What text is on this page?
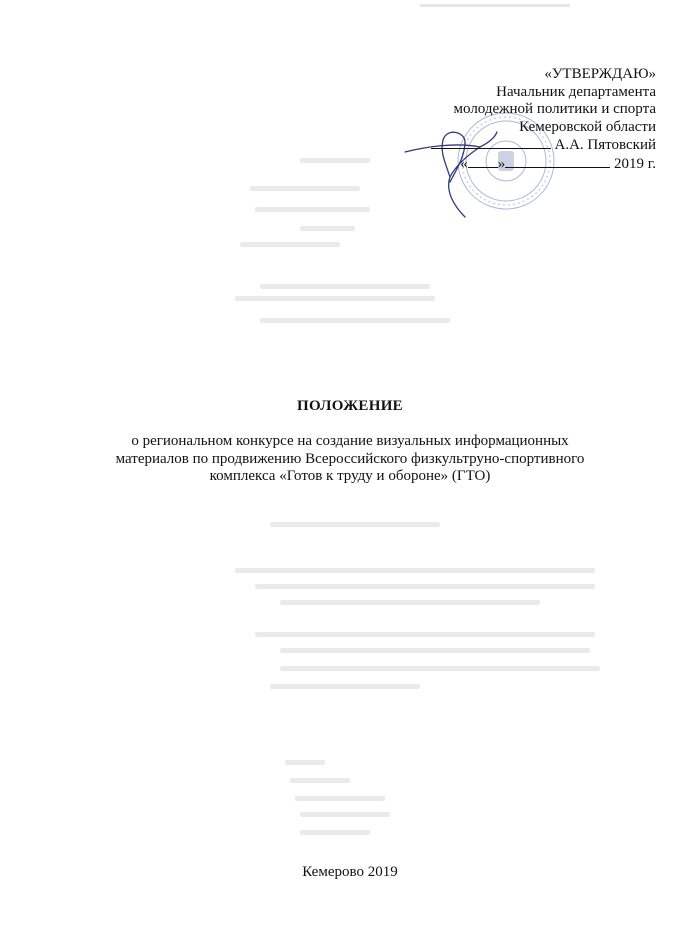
«УТВЕРЖДАЮ»
Начальник департамента
молодежной политики и спорта
Кемеровской области
А.А. Пятовский
« »	2019 г.
ПОЛОЖЕНИЕ
о региональном конкурсе на создание визуальных информационных
материалов по продвижению Всероссийского физкультруно-спортивного
комплекса «Готов к труду и обороне» (ГТО)
Кемерово 2019
